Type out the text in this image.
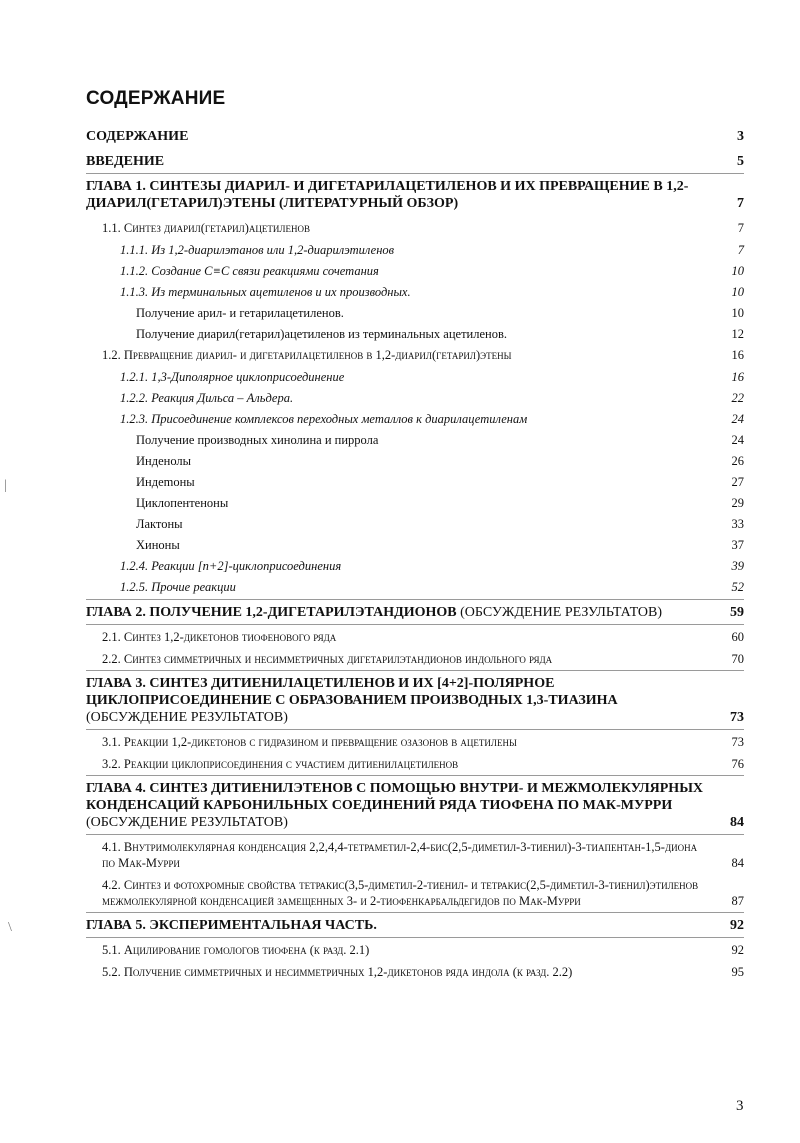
СОДЕРЖАНИЕ
СОДЕРЖАНИЕ	3
ВВЕДЕНИЕ	5
ГЛАВА 1. СИНТЕЗЫ ДИАРИЛ- И ДИГЕТАРИЛАЦЕТИЛЕНОВ И ИХ ПРЕВРАЩЕНИЕ В 1,2-ДИАРИЛ(ГЕТАРИЛ)ЭТЕНЫ (ЛИТЕРАТУРНЫЙ ОБЗОР)	7
1.1. Синтез диарил(гетарил)ацетиленов	7
1.1.1. Из 1,2-диарилэтанов или 1,2-диарилэтиленов	7
1.1.2. Создание C≡C связи реакциями сочетания	10
1.1.3. Из терминальных ацетиленов и их производных.	10
Получение арил- и гетарилацетиленов.	10
Получение диарил(гетарил)ацетиленов из терминальных ацетиленов.	12
1.2. Превращение диарил- и дигетарилацетиленов в 1,2-диарил(гетарил)этены	16
1.2.1. 1,3-Диполярное циклоприсоединение	16
1.2.2. Реакция Дильса – Альдера.	22
1.2.3. Присоединение комплексов переходных металлов к диарилацетиленам	24
Получение производных хинолина и пиррола	24
Инденолы	26
Индеmoны	27
Циклопентеноны	29
Лактоны	33
Хиноны	37
1.2.4. Реакции [n+2]-циклоприсоединения	39
1.2.5. Прочие реакции	52
ГЛАВА 2. ПОЛУЧЕНИЕ 1,2-ДИГЕТАРИЛЭТАНДИОНОВ (ОБСУЖДЕНИЕ РЕЗУЛЬТАТОВ)	59
2.1. Синтез 1,2-дикетонов тиофенового ряда	60
2.2. Синтез симметричных и несимметричных дигетарилэтандионов индольного ряда	70
ГЛАВА 3. СИНТЕЗ ДИТИЕНИЛАЦЕТИЛЕНОВ И ИХ [4+2]-ПОЛЯРНОЕ ЦИКЛОПРИСОЕДИНЕНИЕ С ОБРАЗОВАНИЕМ ПРОИЗВОДНЫХ 1,3-ТИАЗИНА
(ОБСУЖДЕНИЕ РЕЗУЛЬТАТОВ)	73
3.1. Реакции 1,2-дикетонов с гидразином и превращение озазонов в ацетилены	73
3.2. Реакции циклоприсоединения с участием дитиенилацетиленов	76
ГЛАВА 4. СИНТЕЗ ДИТИЕНИЛЭТЕНОВ С ПОМОЩЬЮ ВНУТРИ- И МЕЖМОЛЕКУЛЯРНЫХ КОНДЕНСАЦИЙ КАРБОНИЛЬНЫХ СОЕДИНЕНИЙ РЯДА ТИОФЕНА ПО МАК-МУРРИ
(ОБСУЖДЕНИЕ РЕЗУЛЬТАТОВ)	84
4.1. Внутримолекулярная конденсация 2,2,4,4-тетраметил-2,4-бис(2,5-диметил-3-тиенил)-3-тиапентан-1,5-диона по Мак-Мурри	84
4.2. Синтез и фотохромные свойства тетракис(3,5-диметил-2-тиенил- и тетракис(2,5-диметил-3-тиенил)этиленов межмолекулярной конденсацией замещенных 3- и 2-тиофенкарбальдегидов по Мак-Мурри	87
ГЛАВА 5. ЭКСПЕРИМЕНТАЛЬНАЯ ЧАСТЬ.	92
5.1. Ацилирование гомологов тиофена (к разд. 2.1)	92
5.2. Получение симметричных и несимметричных 1,2-дикетонов ряда индола (к разд. 2.2)	95
|
\
3
